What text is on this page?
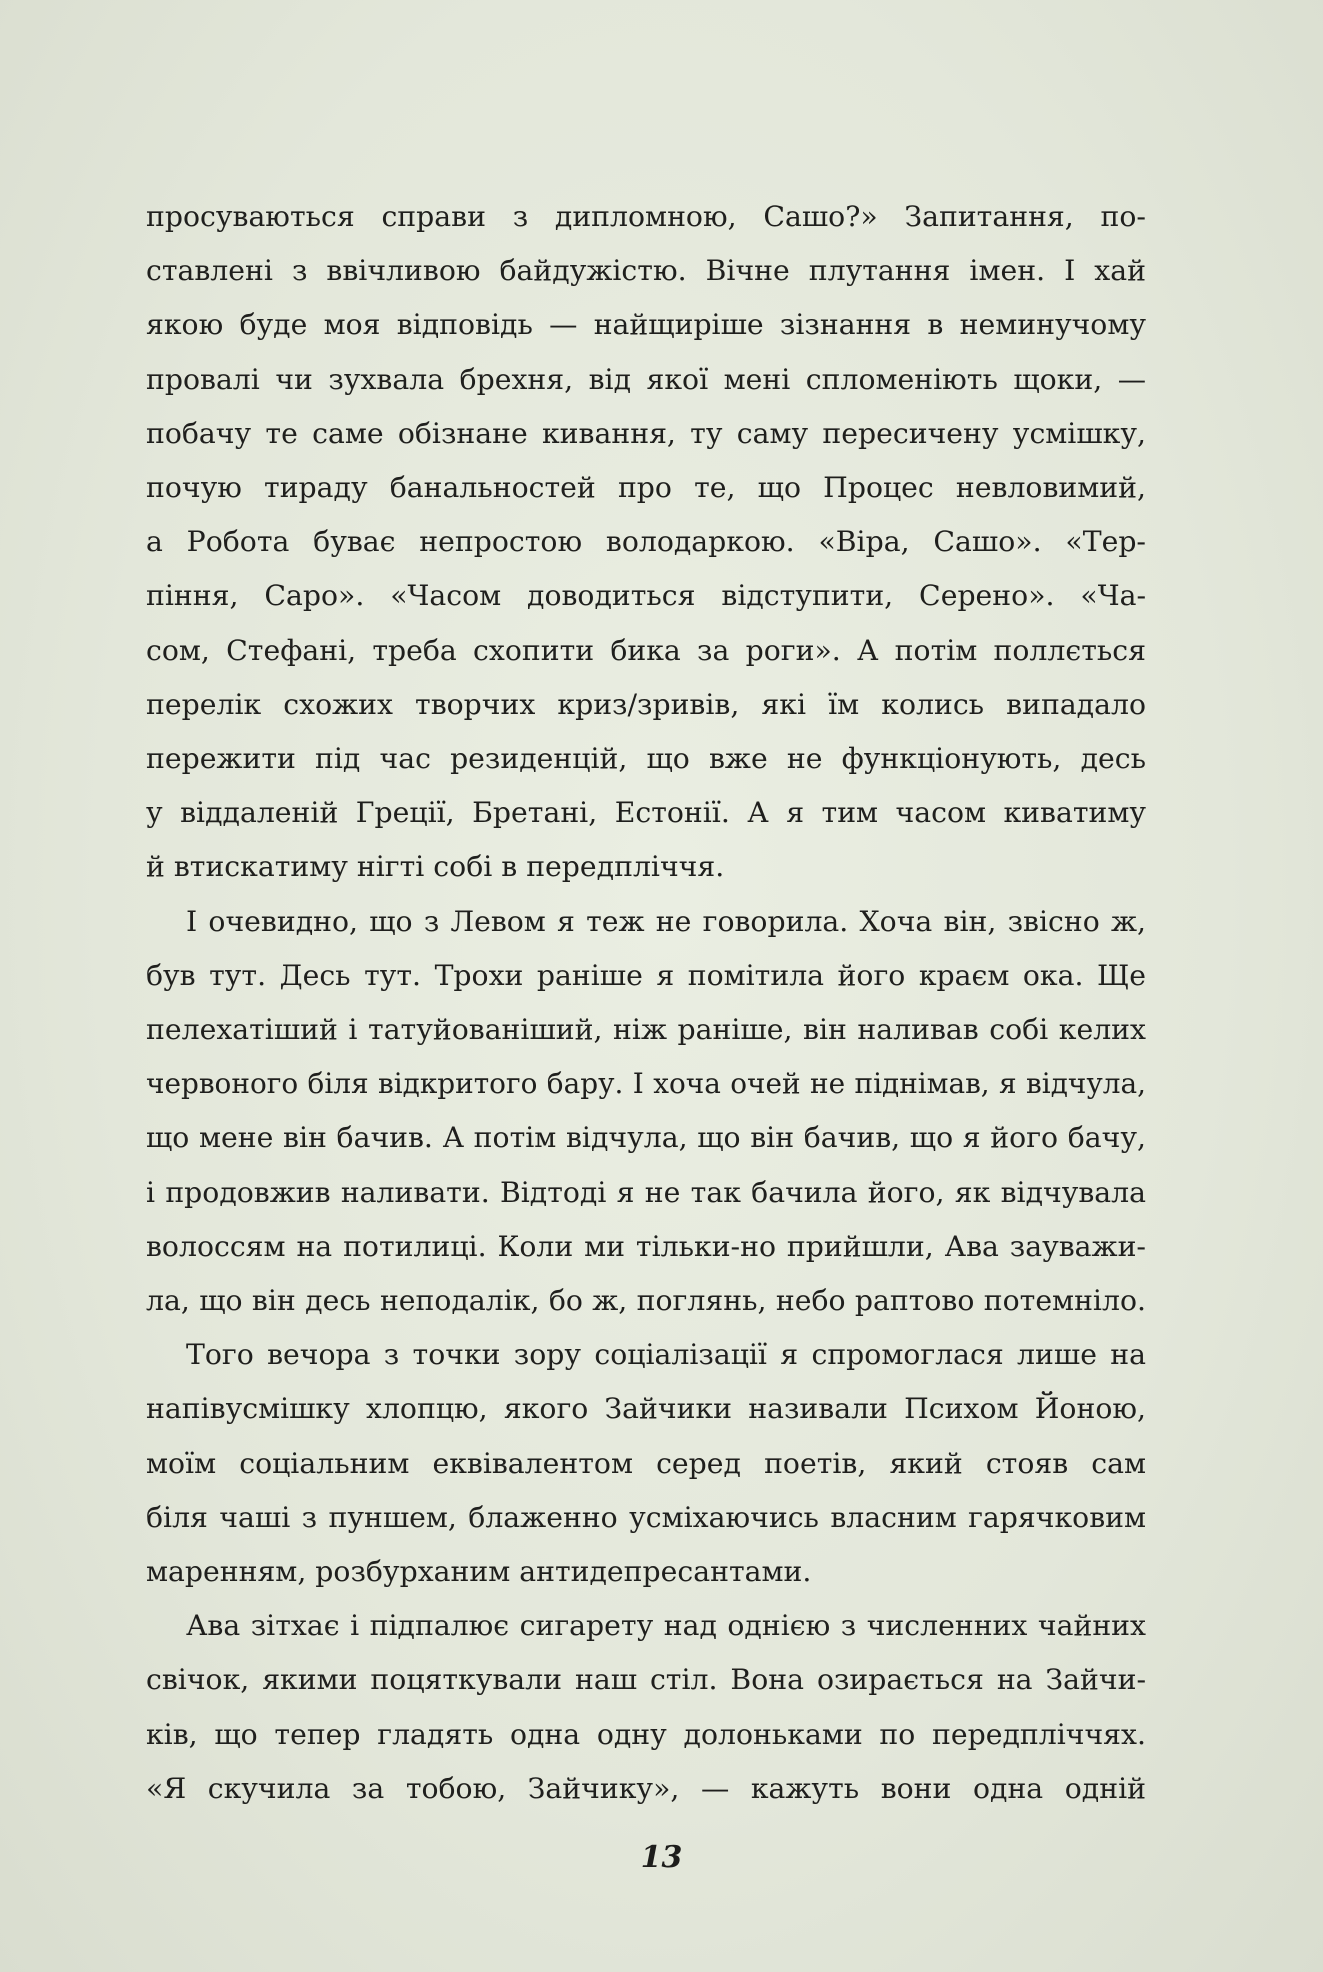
просуваються справи з дипломною, Сашо?» Запитання, по-
ставлені з ввічливою байдужістю. Вічне плутання імен. І хай
якою буде моя відповідь — найщиріше зізнання в неминучому
провалі чи зухвала брехня, від якої мені спломеніють щоки, —
побачу те саме обізнане кивання, ту саму пересичену усмішку,
почую тираду банальностей про те, що Процес невловимий,
а Робота буває непростою володаркою. «Віра, Сашо». «Тер-
піння, Саро». «Часом доводиться відступити, Серено». «Ча-
сом, Стефані, треба схопити бика за роги». А потім поллється
перелік схожих творчих криз/зривів, які їм колись випадало
пережити під час резиденцій, що вже не функціонують, десь
у віддаленій Греції, Бретані, Естонії. А я тим часом киватиму
й втискатиму нігті собі в передпліччя.

І очевидно, що з Левом я теж не говорила. Хоча він, звісно ж,
був тут. Десь тут. Трохи раніше я помітила його краєм ока. Ще
пелехатіший і татуйованіший, ніж раніше, він наливав собі келих
червоного біля відкритого бару. І хоча очей не піднімав, я відчула,
що мене він бачив. А потім відчула, що він бачив, що я його бачу,
і продовжив наливати. Відтоді я не так бачила його, як відчувала
волоссям на потилиці. Коли ми тільки-но прийшли, Ава зауважи-
ла, що він десь неподалік, бо ж, поглянь, небо раптово потемніло.

Того вечора з точки зору соціалізації я спромоглася лише на
напівусмішку хлопцю, якого Зайчики називали Психом Йоною,
моїм соціальним еквівалентом серед поетів, який стояв сам
біля чаші з пуншем, блаженно усміхаючись власним гарячковим
маренням, розбурханим антидепресантами.

Ава зітхає і підпалює сигарету над однією з численних чайних
свічок, якими поцяткували наш стіл. Вона озирається на Зайчи-
ків, що тепер гладять одна одну долоньками по передпліччях.
«Я скучила за тобою, Зайчику», — кажуть вони одна одній

13
